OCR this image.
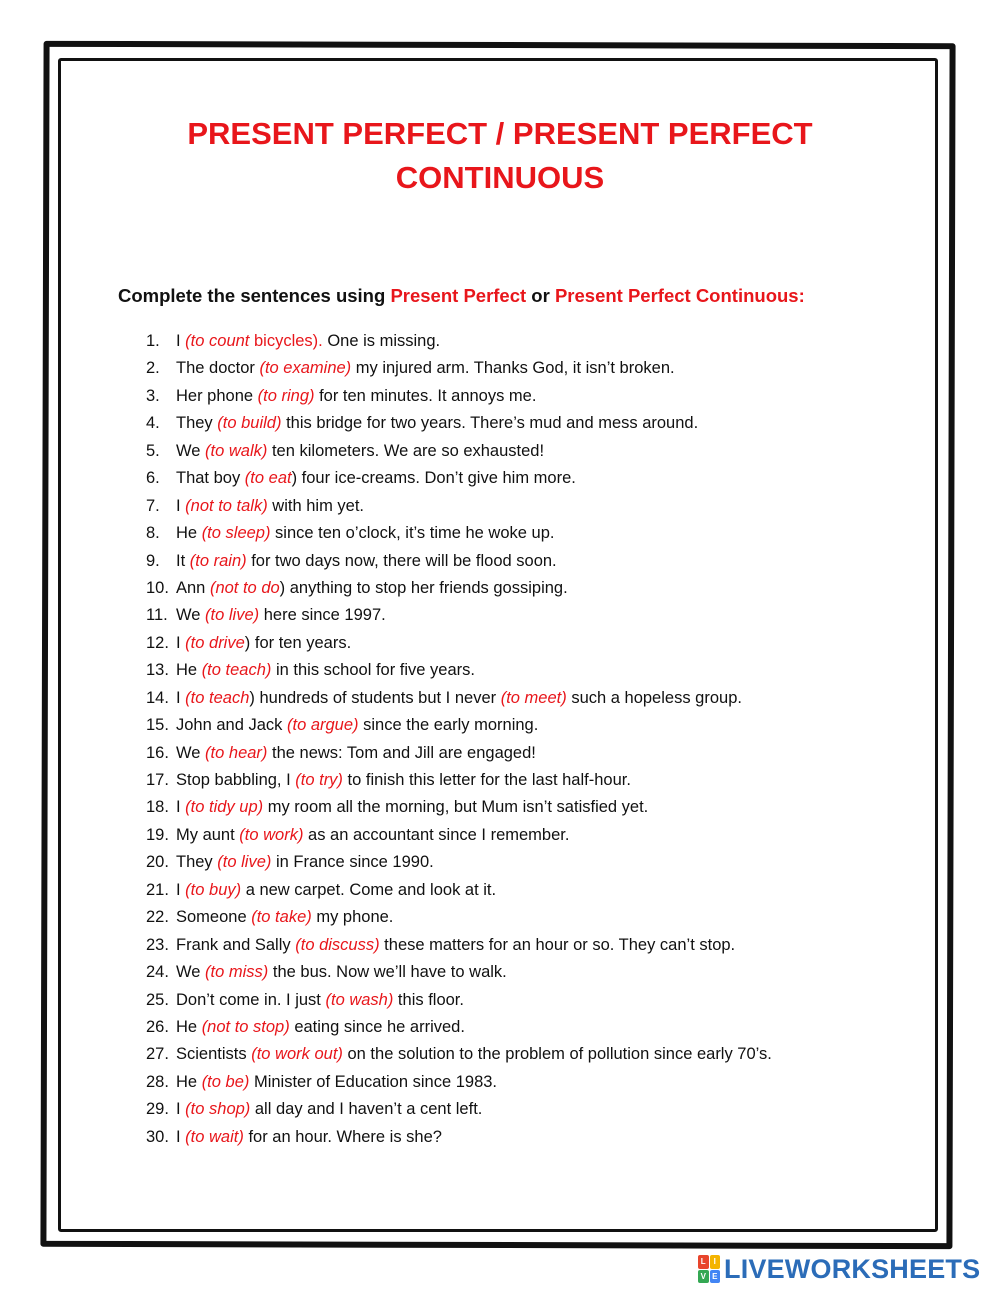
PRESENT PERFECT / PRESENT PERFECT
CONTINUOUS
Complete the sentences using Present Perfect or Present Perfect Continuous:
1. I (to count bicycles). One is missing.
2. The doctor (to examine) my injured arm. Thanks God, it isn’t broken.
3. Her phone (to ring) for ten minutes. It annoys me.
4. They (to build) this bridge for two years. There’s mud and mess around.
5. We (to walk) ten kilometers. We are so exhausted!
6. That boy (to eat) four ice-creams. Don’t give him more.
7. I (not to talk) with him yet.
8. He (to sleep) since ten o’clock, it’s time he woke up.
9. It (to rain) for two days now, there will be flood soon.
10. Ann (not to do) anything to stop her friends gossiping.
11. We (to live) here since 1997.
12. I (to drive) for ten years.
13. He (to teach) in this school for five years.
14. I (to teach) hundreds of students but I never (to meet) such a hopeless group.
15. John and Jack (to argue) since the early morning.
16. We (to hear) the news: Tom and Jill are engaged!
17. Stop babbling, I (to try) to finish this letter for the last half-hour.
18. I (to tidy up) my room all the morning, but Mum isn’t satisfied yet.
19. My aunt (to work) as an accountant since I remember.
20. They (to live) in France since 1990.
21. I (to buy) a new carpet. Come and look at it.
22. Someone (to take) my phone.
23. Frank and Sally (to discuss) these matters for an hour or so. They can’t stop.
24. We (to miss) the bus. Now we’ll have to walk.
25. Don’t come in. I just (to wash) this floor.
26. He (not to stop) eating since he arrived.
27. Scientists (to work out) on the solution to the problem of pollution since early 70’s.
28. He (to be) Minister of Education since 1983.
29. I (to shop) all day and I haven’t a cent left.
30. I (to wait) for an hour. Where is she?
L I
V E LIVEWORKSHEETS
